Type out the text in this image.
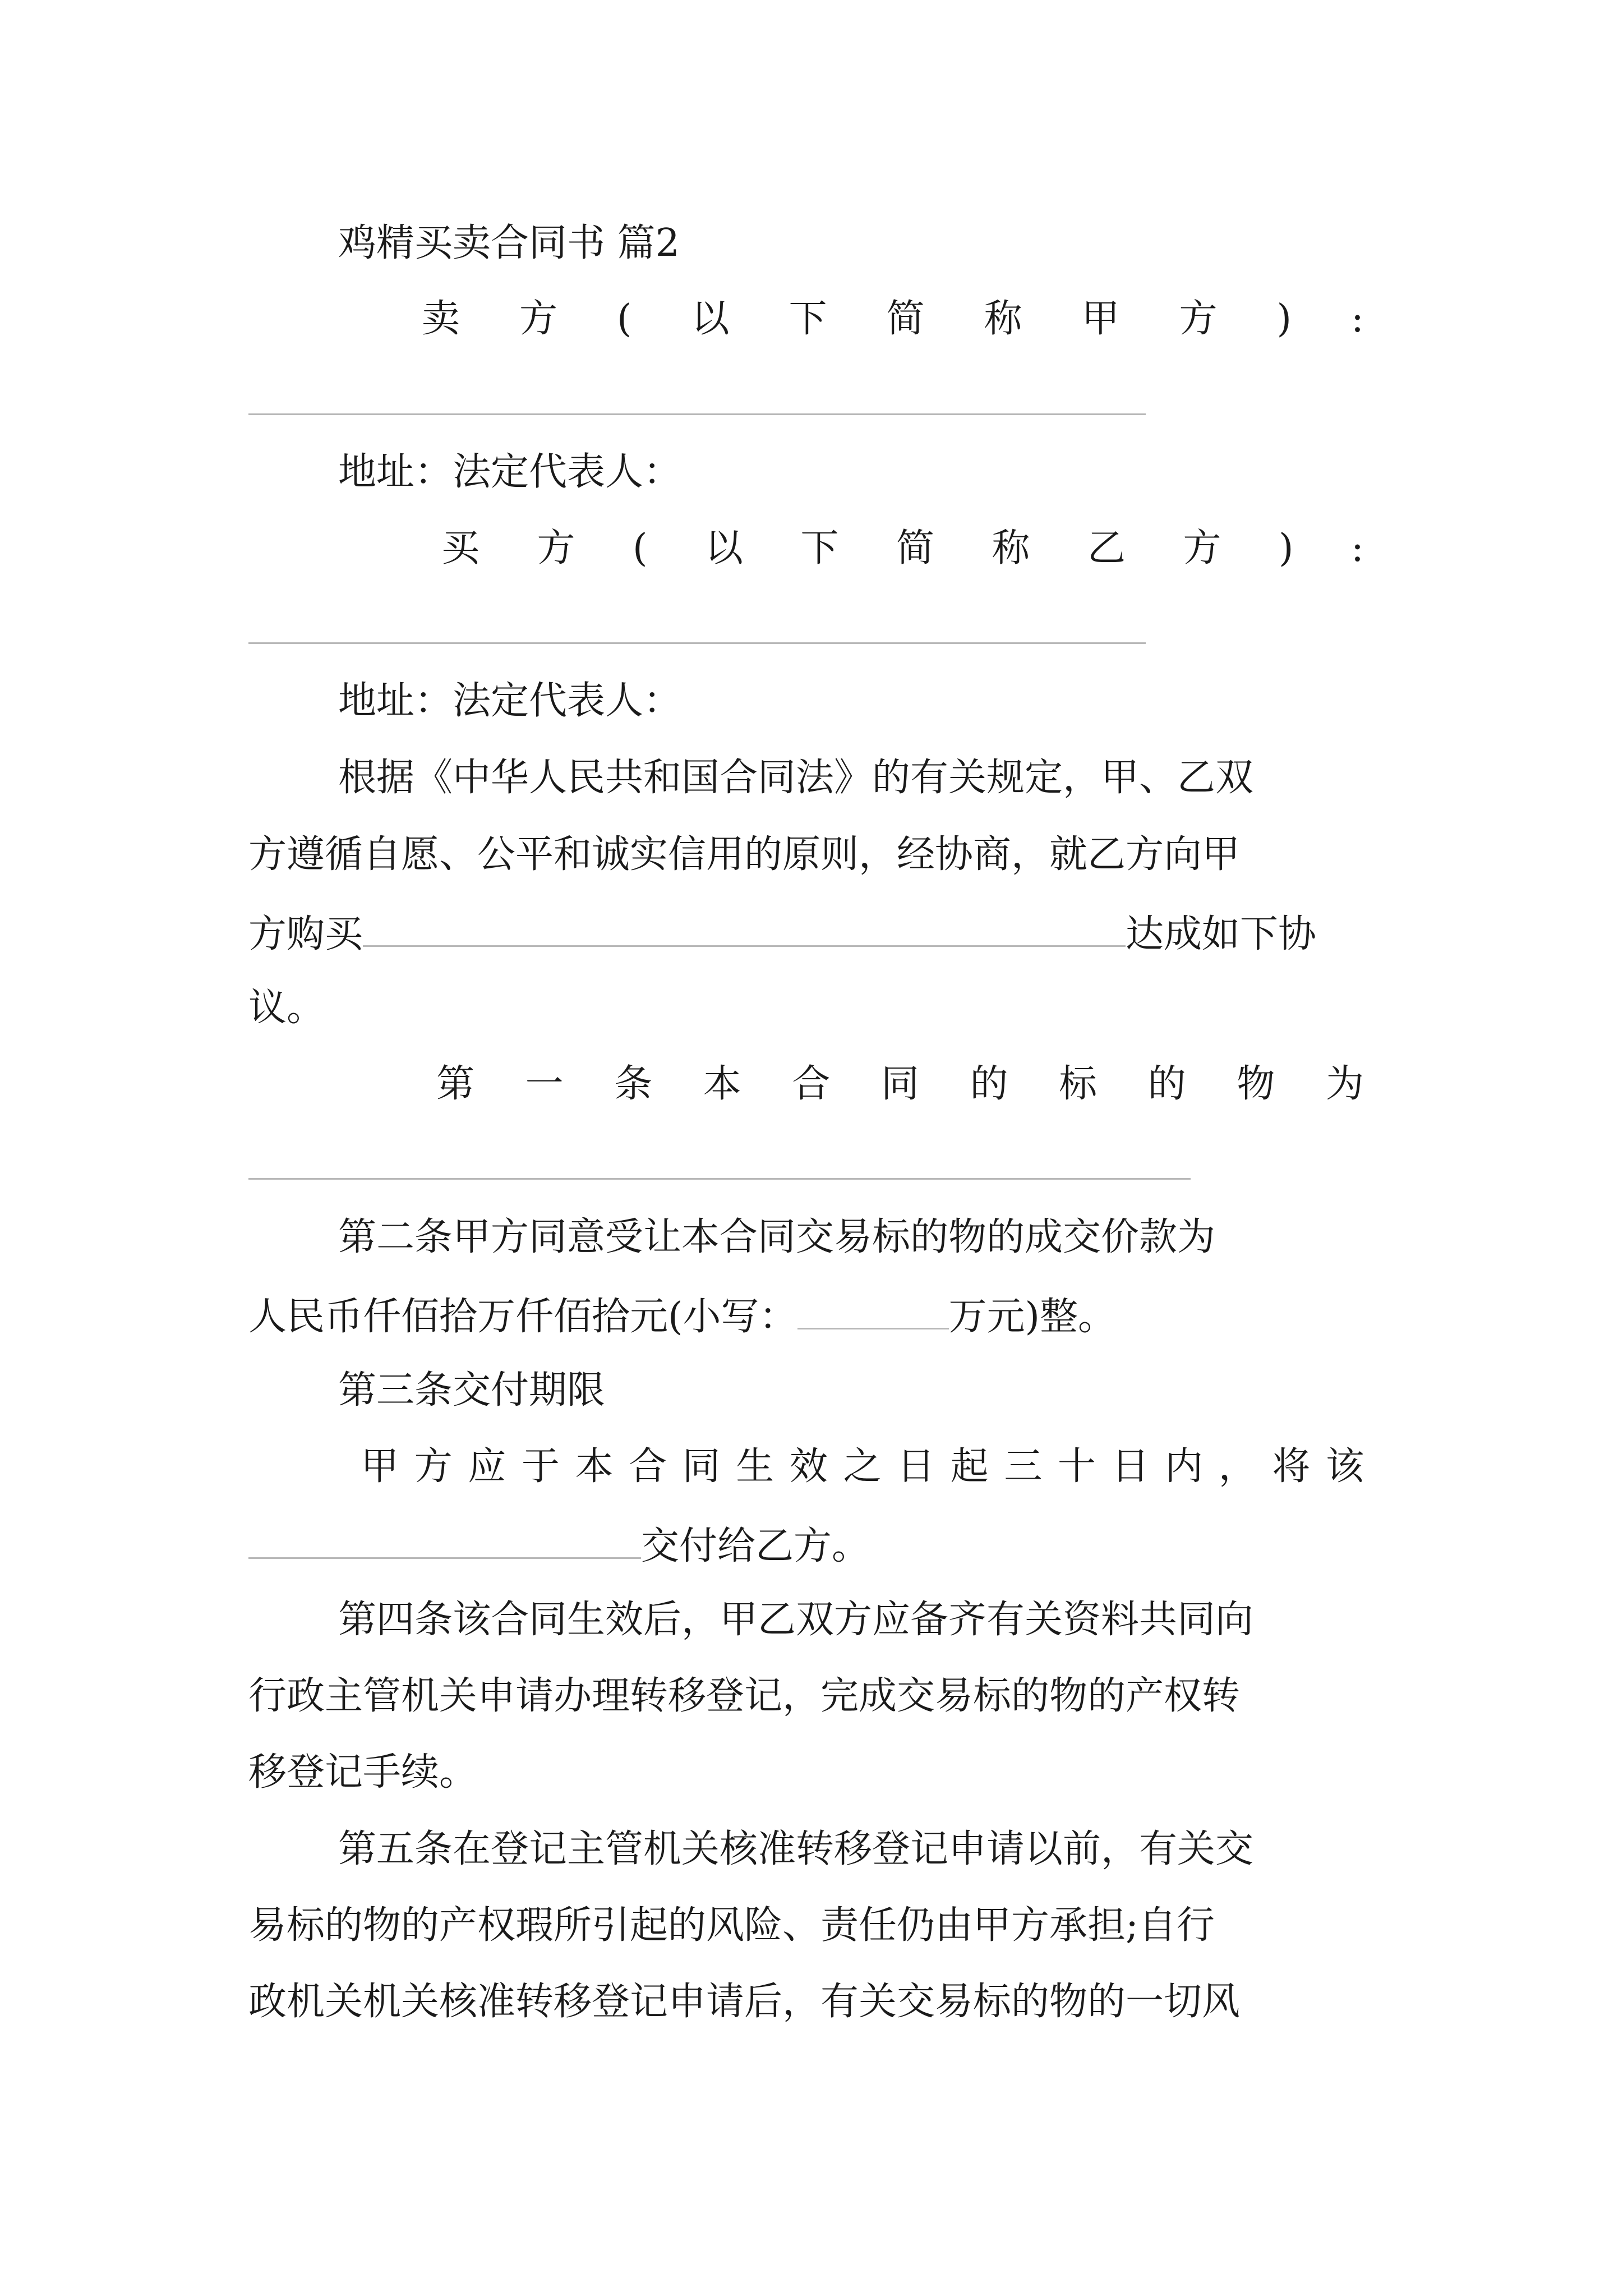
鸡精买卖合同书 篇2
卖 方 ( 以 下 简 称 甲 方 ) :
地址：法定代表人：
买 方 ( 以 下 简 称 乙 方 ) :
地址：法定代表人：
根据《中华人民共和国合同法》的有关规定，甲、乙双
方遵循自愿、公平和诚实信用的原则，经协商，就乙方向甲
方购买	达成如下协
议。
第 一 条 本 合 同 的 标 的 物 为
第二条甲方同意受让本合同交易标的物的成交价款为
人民币仟佰拾万仟佰拾元(小写：	万元)整。
第三条交付期限
甲 方 应 于 本 合 同 生 效 之 日 起 三 十 日 内 ， 将 该
交付给乙方。
第四条该合同生效后，甲乙双方应备齐有关资料共同向
行政主管机关申请办理转移登记，完成交易标的物的产权转
移登记手续。
第五条在登记主管机关核准转移登记申请以前，有关交
易标的物的产权瑕所引起的风险、责任仍由甲方承担;自行
政机关机关核准转移登记申请后，有关交易标的物的一切风
